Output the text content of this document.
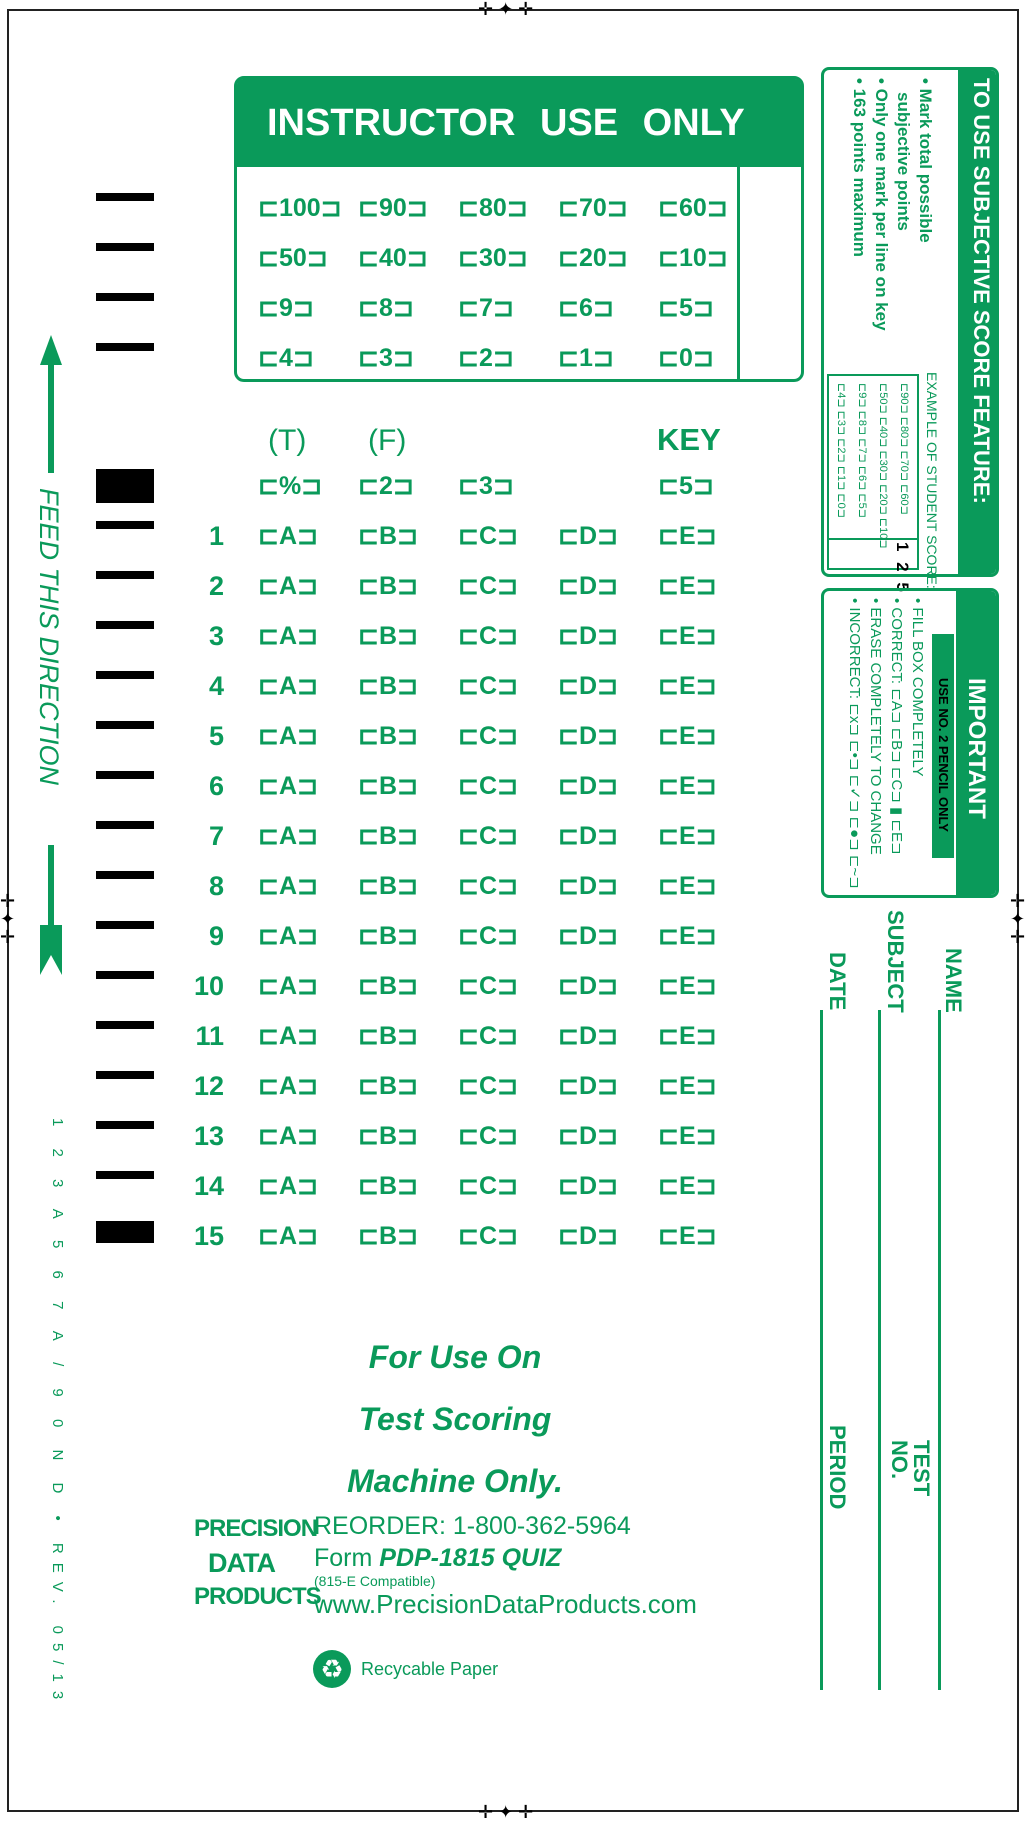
✛ ✦ ✛
✛ ✦ ✛
✛
✦
✛
✛
✦
✛
FEED THIS DIRECTION
1 2 3 A 5 6 7 A / 9 0 N D • REV. 05/13
INSTRUCTOR USE ONLY
⊏100⊐ ⊏90⊐ ⊏80⊐ ⊏70⊐ ⊏60⊐
⊏50⊐ ⊏40⊐ ⊏30⊐ ⊏20⊐ ⊏10⊐
⊏9⊐ ⊏8⊐ ⊏7⊐ ⊏6⊐ ⊏5⊐
⊏4⊐ ⊏3⊐ ⊏2⊐ ⊏1⊐ ⊏0⊐
(T) (F)	KEY
⊏%⊐ ⊏2⊐ ⊏3⊐	⊏5⊐
1 ⊏A⊐ ⊏B⊐ ⊏C⊐ ⊏D⊐ ⊏E⊐
2 ⊏A⊐ ⊏B⊐ ⊏C⊐ ⊏D⊐ ⊏E⊐
3 ⊏A⊐ ⊏B⊐ ⊏C⊐ ⊏D⊐ ⊏E⊐
4 ⊏A⊐ ⊏B⊐ ⊏C⊐ ⊏D⊐ ⊏E⊐
5 ⊏A⊐ ⊏B⊐ ⊏C⊐ ⊏D⊐ ⊏E⊐
6 ⊏A⊐ ⊏B⊐ ⊏C⊐ ⊏D⊐ ⊏E⊐
7 ⊏A⊐ ⊏B⊐ ⊏C⊐ ⊏D⊐ ⊏E⊐
8 ⊏A⊐ ⊏B⊐ ⊏C⊐ ⊏D⊐ ⊏E⊐
9 ⊏A⊐ ⊏B⊐ ⊏C⊐ ⊏D⊐ ⊏E⊐
10 ⊏A⊐ ⊏B⊐ ⊏C⊐ ⊏D⊐ ⊏E⊐
11 ⊏A⊐ ⊏B⊐ ⊏C⊐ ⊏D⊐ ⊏E⊐
12 ⊏A⊐ ⊏B⊐ ⊏C⊐ ⊏D⊐ ⊏E⊐
13 ⊏A⊐ ⊏B⊐ ⊏C⊐ ⊏D⊐ ⊏E⊐
14 ⊏A⊐ ⊏B⊐ ⊏C⊐ ⊏D⊐ ⊏E⊐
15 ⊏A⊐ ⊏B⊐ ⊏C⊐ ⊏D⊐ ⊏E⊐
For Use On
Test Scoring
Machine Only.
PRECISION
DATA
PRODUCTS
REORDER: 1-800-362-5964
Form PDP-1815 QUIZ
(815-E Compatible)
www.PrecisionDataProducts.com
♻ Recycable Paper
TO USE SUBJECTIVE SCORE FEATURE:
• Mark total possible
subjective points
• Only one mark per line on key
• 163 points maximum
EXAMPLE OF STUDENT SCORE:
⊏90⊐ ⊏80⊐ ⊏70⊐ ⊏60⊐
⊏50⊐ ⊏40⊐ ⊏30⊐ ⊏20⊐ ⊏10⊐
⊏9⊐ ⊏8⊐ ⊏7⊐ ⊏6⊐ ⊏5⊐
⊏4⊐ ⊏3⊐ ⊏2⊐ ⊏1⊐ ⊏0⊐
1 2 5
IMPORTANT
USE NO. 2 PENCIL ONLY
• FILL BOX COMPLETELY
• CORRECT: ⊏A⊐ ⊏B⊐ ⊏C⊐ ▮ ⊏E⊐
• ERASE COMPLETELY TO CHANGE
• INCORRECT: ⊏x⊐ ⊏•⊐ ⊏✓⊐ ⊏●⊐ ⊏~⊐
NAME
SUBJECT
DATE
TEST NO.
PERIOD
